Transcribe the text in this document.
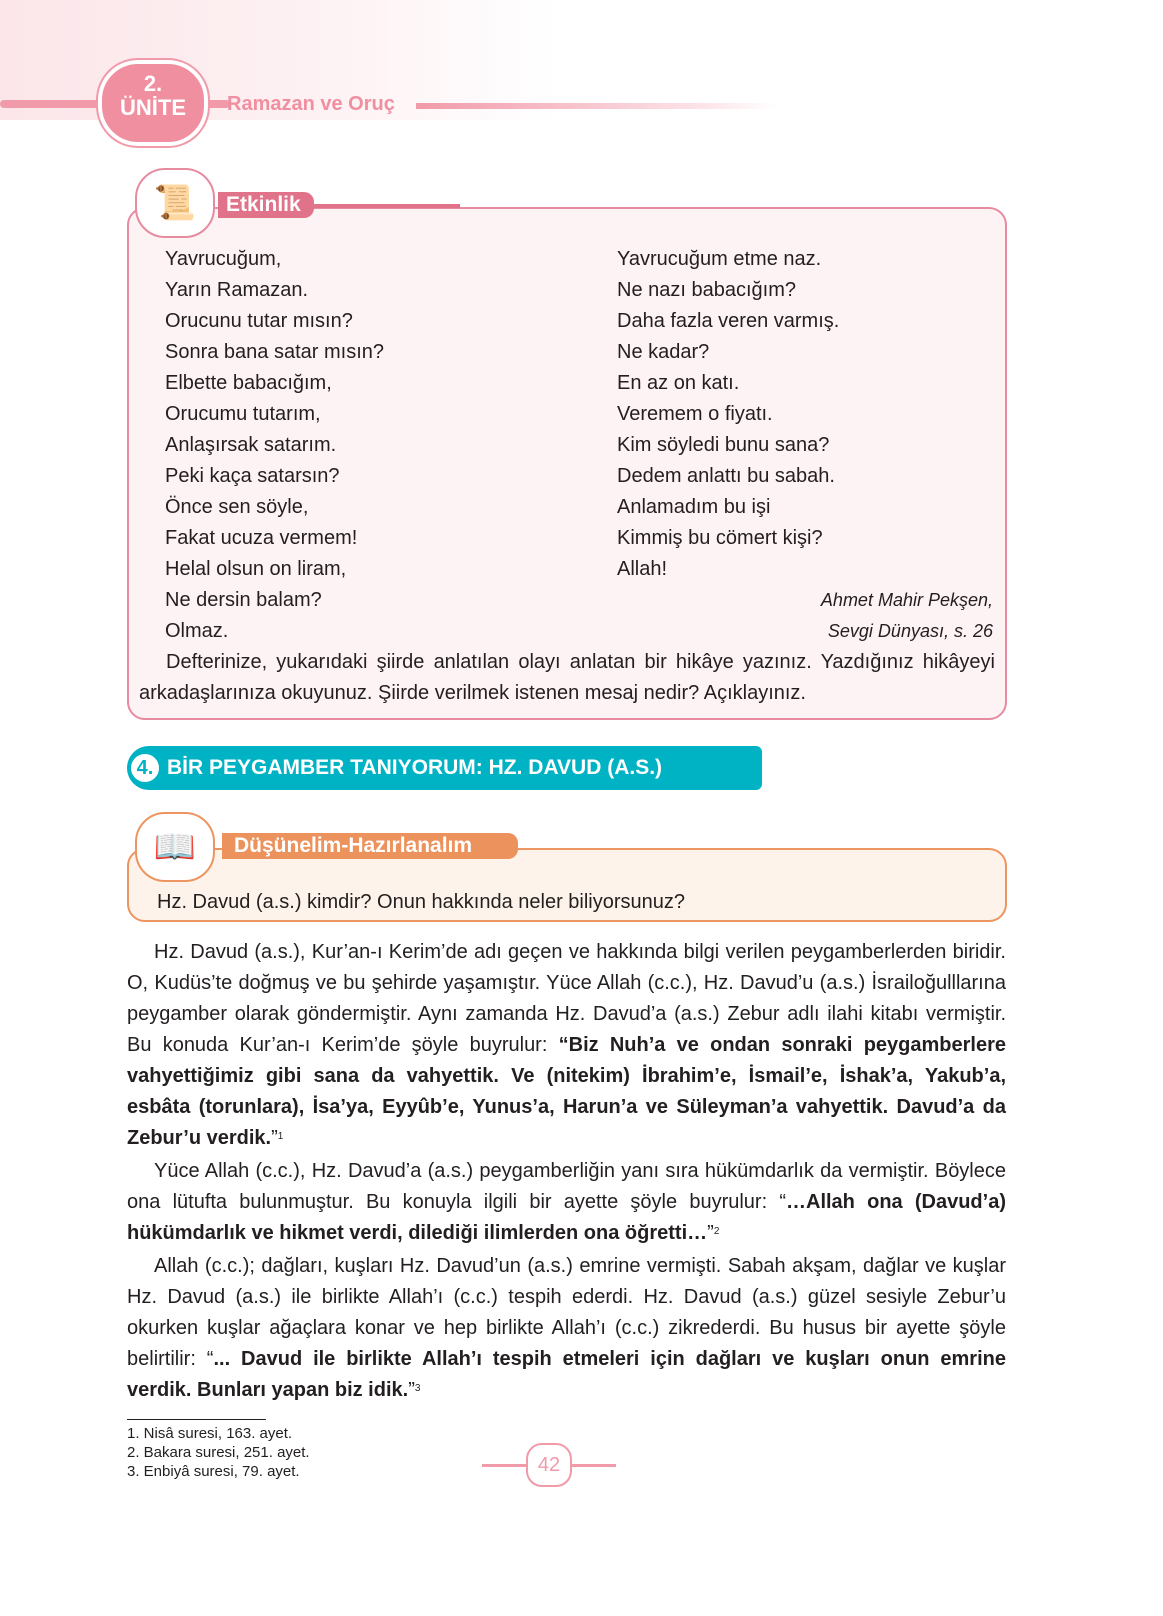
2.
ÜNİTE	Ramazan ve Oruç
Yavrucuğum,
Yarın Ramazan.
Orucunu tutar mısın?
Sonra bana satar mısın?
Elbette babacığım,
Orucumu tutarım,
Anlaşırsak satarım.
Peki kaça satarsın?
Önce sen söyle,
Fakat ucuza vermem!
Helal olsun on liram,
Ne dersin balam?
Olmaz.
Yavrucuğum etme naz.
Ne nazı babacığım?
Daha fazla veren varmış.
Ne kadar?
En az on katı.
Veremem o fiyatı.
Kim söyledi bunu sana?
Dedem anlattı bu sabah.
Anlamadım bu işi
Kimmiş bu cömert kişi?
Allah!
Ahmet Mahir Pekşen,
Sevgi Dünyası, s. 26
Defterinize, yukarıdaki şiirde anlatılan olayı anlatan bir hikâye yazınız. Yazdığınız hikâyeyi arkadaşlarınıza okuyunuz. Şiirde verilmek istenen mesaj nedir? Açıklayınız.
Etkinlik
📜
4. BİR PEYGAMBER TANIYORUM: HZ. DAVUD (A.S.)
Hz. Davud (a.s.) kimdir? Onun hakkında neler biliyorsunuz?
Düşünelim-Hazırlanalım
📖

Hz. Davud (a.s.), Kur’an-ı Kerim’de adı geçen ve hakkında bilgi verilen peygamberlerden biridir. O, Kudüs’te doğmuş ve bu şehirde yaşamıştır. Yüce Allah (c.c.), Hz. Davud’u (a.s.) İsrailoğulllarına peygamber olarak göndermiştir. Aynı zamanda Hz. Davud’a (a.s.) Zebur adlı ilahi kitabı vermiştir. Bu konuda Kur’an-ı Kerim’de şöyle buyrulur: “Biz Nuh’a ve ondan sonraki peygamberlere vahyettiğimiz gibi sana da vahyettik. Ve (nitekim) İbrahim’e, İsmail’e, İshak’a, Yakub’a, esbâta (torunlara), İsa’ya, Eyyûb’e, Yunus’a, Harun’a ve Süleyman’a vahyettik. Davud’a da Zebur’u verdik.”$^1$

Yüce Allah (c.c.), Hz. Davud’a (a.s.) peygamberliğin yanı sıra hükümdarlık da vermiştir. Böylece ona lütufta bulunmuştur. Bu konuyla ilgili bir ayette şöyle buyrulur: “…Allah ona (Davud’a) hükümdarlık ve hikmet verdi, dilediği ilimlerden ona öğretti…”$^2$

Allah (c.c.); dağları, kuşları Hz. Davud’un (a.s.) emrine vermişti. Sabah akşam, dağlar ve kuşlar Hz. Davud (a.s.) ile birlikte Allah’ı (c.c.) tespih ederdi. Hz. Davud (a.s.) güzel sesiyle Zebur’u okurken kuşlar ağaçlara konar ve hep birlikte Allah’ı (c.c.) zikrederdi. Bu husus bir ayette şöyle belirtilir: “... Davud ile birlikte Allah’ı tespih etmeleri için dağları ve kuşları onun emrine verdik. Bunları yapan biz idik.”$^3$

1. Nisâ suresi, 163. ayet.
2. Bakara suresi, 251. ayet.
3. Enbiyâ suresi, 79. ayet.	42
